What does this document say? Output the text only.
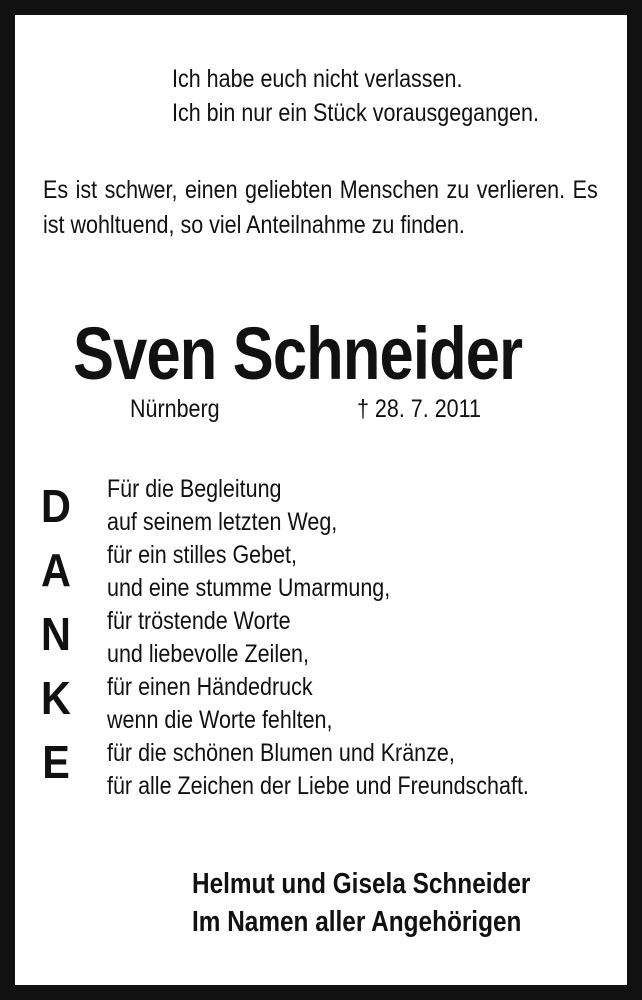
Ich habe euch nicht verlassen.
Ich bin nur ein Stück vorausgegangen.
Es ist schwer, einen geliebten Menschen zu verlieren. Es ist wohltuend, so viel Anteilnahme zu finden.
Sven Schneider
Nürnberg	† 28. 7. 2011
D
A
N
K
E
Für die Begleitung
auf seinem letzten Weg,
für ein stilles Gebet,
und eine stumme Umarmung,
für tröstende Worte
und liebevolle Zeilen,
für einen Händedruck
wenn die Worte fehlten,
für die schönen Blumen und Kränze,
für alle Zeichen der Liebe und Freundschaft.
Helmut und Gisela Schneider
Im Namen aller Angehörigen
